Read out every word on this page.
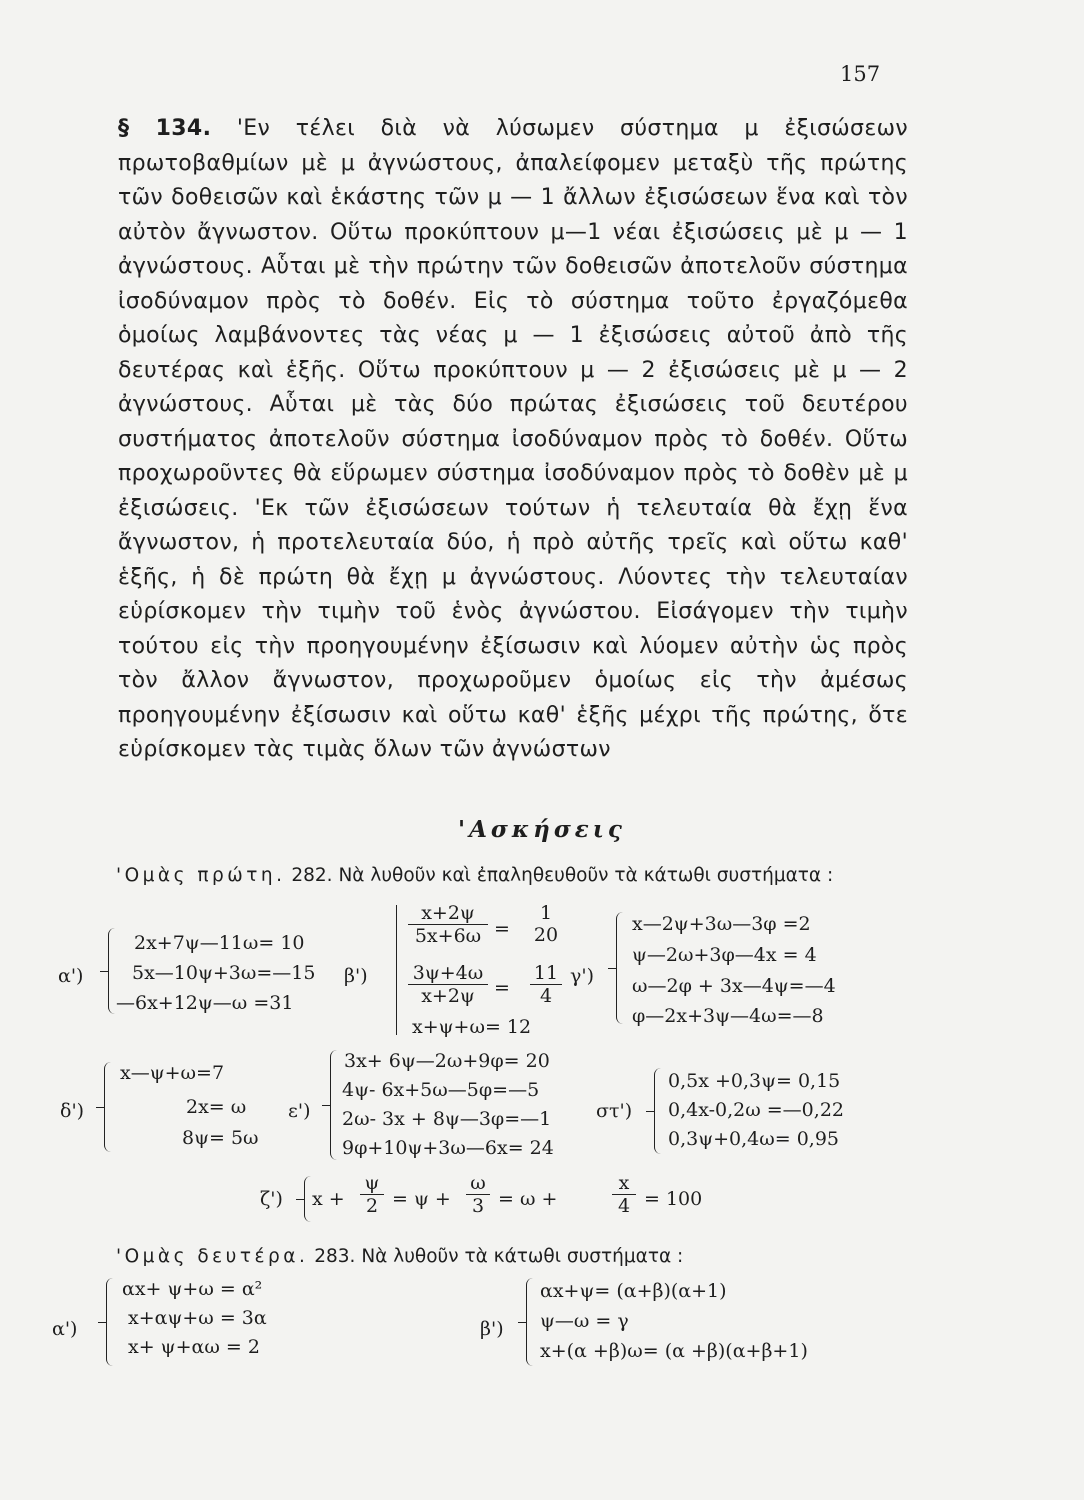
157
§ 134. 'Εν τέλει διὰ νὰ λύσωμεν σύστημα μ ἐξισώσεων πρωτοβαθμίων μὲ μ ἀγνώστους, ἀπαλείφομεν μεταξὺ τῆς πρώτης τῶν δοθεισῶν καὶ ἑκάστης τῶν μ — 1 ἄλλων ἐξισώσεων ἕνα καὶ τὸν αὐτὸν ἄγνωστον. Οὕτω προκύπτουν μ—1 νέαι ἐξισώσεις μὲ μ — 1 ἀγνώστους. Αὗται μὲ τὴν πρώτην τῶν δοθεισῶν ἀποτελοῦν σύστημα ἰσοδύναμον πρὸς τὸ δοθέν. Εἰς τὸ σύστημα τοῦτο ἐργαζόμεθα ὁμοίως λαμβάνοντες τὰς νέας μ — 1 ἐξισώσεις αὐτοῦ ἀπὸ τῆς δευτέρας καὶ ἑξῆς. Οὕτω προκύπτουν μ — 2 ἐξισώσεις μὲ μ — 2 ἀγνώστους. Αὗται μὲ τὰς δύο πρώτας ἐξισώσεις τοῦ δευτέρου συστήματος ἀποτελοῦν σύστημα ἰσοδύναμον πρὸς τὸ δοθέν. Οὕτω προχωροῦντες θὰ εὕρωμεν σύστημα ἰσοδύναμον πρὸς τὸ δοθὲν μὲ μ ἐξισώσεις. 'Εκ τῶν ἐξισώσεων τούτων ἡ τελευταία θὰ ἔχῃ ἕνα ἄγνωστον, ἡ προτελευταία δύο, ἡ πρὸ αὐτῆς τρεῖς καὶ οὕτω καθ' ἑξῆς, ἡ δὲ πρώτη θὰ ἔχῃ μ ἀγνώστους. Λύοντες τὴν τελευταίαν εὑρίσκομεν τὴν τιμὴν τοῦ ἑνὸς ἀγνώστου. Εἰσάγομεν τὴν τιμὴν τούτου εἰς τὴν προηγουμένην ἐξίσωσιν καὶ λύομεν αὐτὴν ὡς πρὸς τὸν ἄλλον ἄγνωστον, προχωροῦμεν ὁμοίως εἰς τὴν ἀμέσως προηγουμένην ἐξίσωσιν καὶ οὕτω καθ' ἑξῆς μέχρι τῆς πρώτης, ὅτε εὑρίσκομεν τὰς τιμὰς ὅλων τῶν ἀγνώστων
'Ασκήσεις
'Ομὰς πρώτη. 282. Νὰ λυθοῦν καὶ ἐπαληθευθοῦν τὰ κάτωθι συστήματα :
α')
2x+7ψ—11ω= 10
5x—10ψ+3ω=—15
—6x+12ψ—ω =31
β')
$\frac{x+2\psi}{5x+6\omega}$ =
1
20
$\frac{3\psi+4\omega}{x+2\psi} = \frac{11}{4}$
x+ψ+ω= 12
γ')
x—2ψ+3ω—3φ =2
ψ—2ω+3φ—4x = 4
ω—2φ + 3x—4ψ=—4
φ—2x+3ψ—4ω=—8
δ')
x—ψ+ω=7
2x= ω
8ψ= 5ω
ε')
3x+ 6ψ—2ω+9φ= 20
4ψ- 6x+5ω—5φ=—5
2ω- 3x + 8ψ—3φ=—1
9φ+10ψ+3ω—6x= 24
στ')
0,5x +0,3ψ= 0,15
0,4x-0,2ω =—0,22
0,3ψ+0,4ω= 0,95
ζ') $x + \frac{\psi}{2} = \psi + \frac{\omega}{3} = \omega$ +	$\frac{x}{4} = 100$
'Ομὰς δευτέρα. 283. Νὰ λυθοῦν τὰ κάτωθι συστήματα :
α')
αx+ ψ+ω = α²
x+αψ+ω = 3α
x+ ψ+αω = 2
β')
αx+ψ= (α+β)(α+1)
ψ—ω = γ
x+(α +β)ω= (α +β)(α+β+1)
